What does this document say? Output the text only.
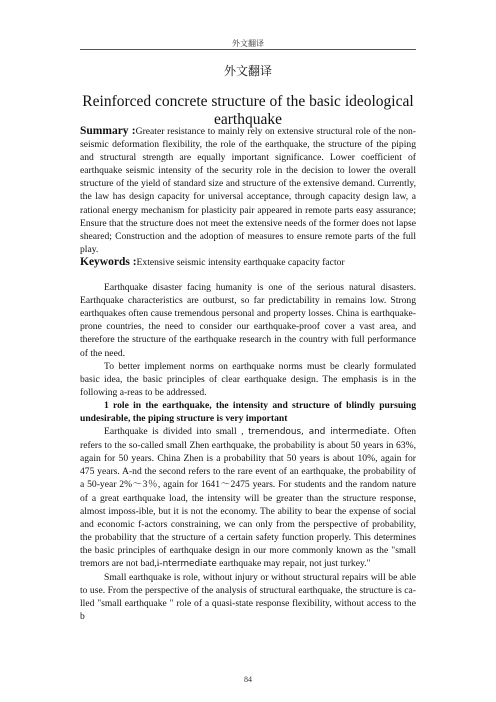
外文翻译
外文翻译
Reinforced concrete structure of the basic ideological earthquake

Summary :Greater resistance to mainly rely on extensive structural role of the non-seismic deformation flexibility, the role of the earthquake, the structure of the piping and structural strength are equally important significance. Lower coefficient of earthquake seismic intensity of the security role in the decision to lower the overall structure of the yield of standard size and structure of the extensive demand. Currently, the law has design capacity for universal acceptance, through capacity design law, a rational energy mechanism for plasticity pair appeared in remote parts easy assurance; Ensure that the structure does not meet the extensive needs of the former does not lapse sheared; Construction and the adoption of measures to ensure remote parts of the full play.

Keywords :Extensive seismic intensity earthquake capacity factor

Earthquake disaster facing humanity is one of the serious natural disasters. Earthquake characteristics are outburst, so far predictability in remains low. Strong earthquakes often cause tremendous personal and property losses. China is earthquake-prone countries, the need to consider our earthquake-proof cover a vast area, and therefore the structure of the earthquake research in the country with full performance of the need.

To better implement norms on earthquake norms must be clearly formulated basic idea, the basic principles of clear earthquake design. The emphasis is in the following a-reas to be addressed.

1 role in the earthquake, the intensity and structure of blindly pursuing undesirable, the piping structure is very important

Earthquake is divided into small , tremendous, and intermediate. Often refers to the so-called small Zhen earthquake, the probability is about 50 years in 63%, again for 50 years. China Zhen is a probability that 50 years is about 10%, again for 475 years. A-nd the second refers to the rare event of an earthquake, the probability of a 50-year 2%～3％, again for 1641～2475 years. For students and the random nature of a great earthquake load, the intensity will be greater than the structure response, almost imposs-ible, but it is not the economy. The ability to bear the expense of social and economic f-actors constraining, we can only from the perspective of probability, the probability that the structure of a certain safety function properly. This determines the basic principles of earthquake design in our more commonly known as the "small tremors are not bad,i-ntermediate earthquake may repair, not just turkey."

Small earthquake is role, without injury or without structural repairs will be able to use. From the perspective of the analysis of structural earthquake, the structure is ca-lled "small earthquake " role of a quasi-state response flexibility, without access to the b

84
